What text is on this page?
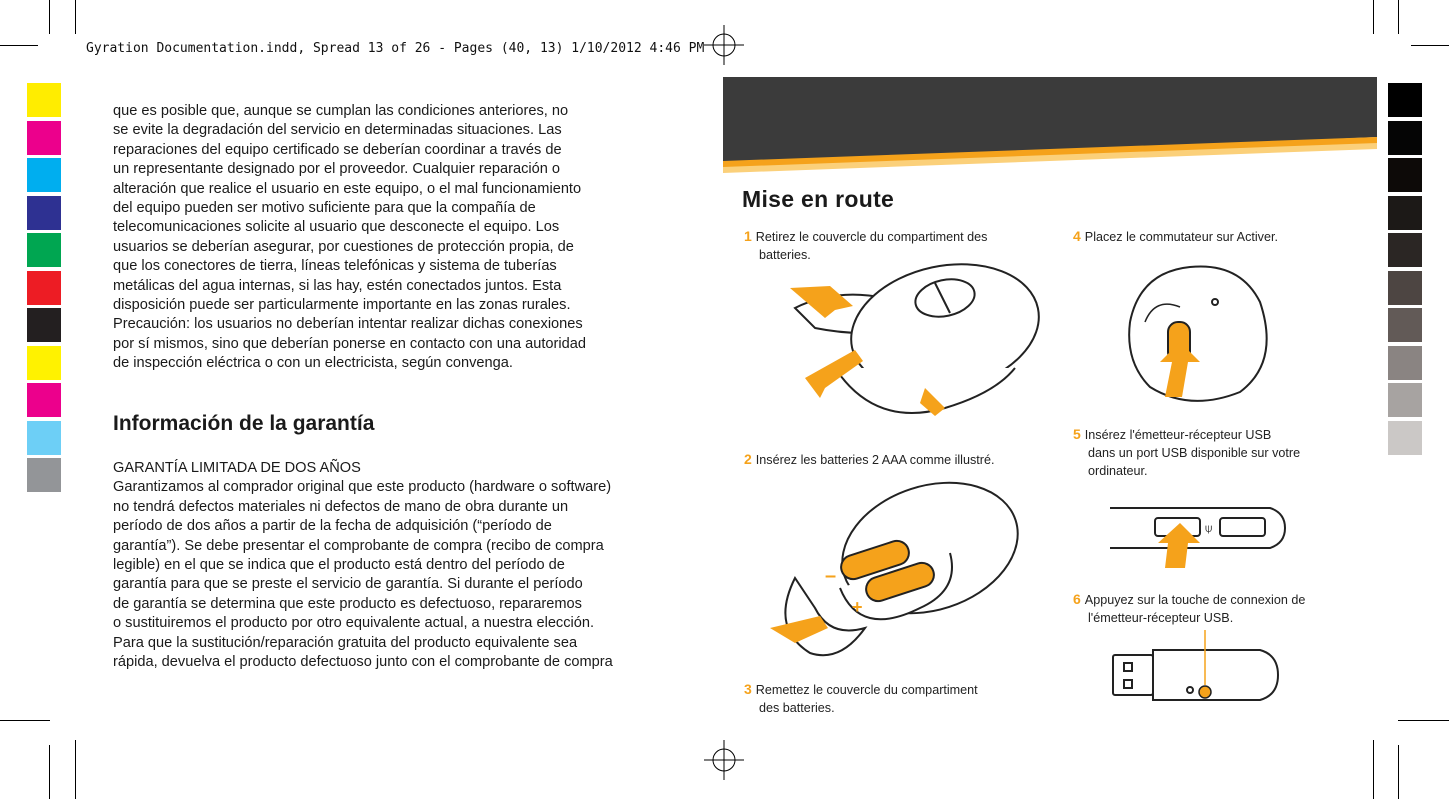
Gyration Documentation.indd, Spread 13 of 26 - Pages (40, 13) 1/10/2012 4:46 PM

que es posible que, aunque se cumplan las condiciones anteriores, no

se evite la degradación del servicio en determinadas situaciones. Las

reparaciones del equipo certificado se deberían coordinar a través de

un representante designado por el proveedor. Cualquier reparación o

alteración que realice el usuario en este equipo, o el mal funcionamiento

del equipo pueden ser motivo suficiente para que la compañía de

telecomunicaciones solicite al usuario que desconecte el equipo. Los

usuarios se deberían asegurar, por cuestiones de protección propia, de

que los conectores de tierra, líneas telefónicas y sistema de tuberías

metálicas del agua internas, si las hay, estén conectados juntos. Esta

disposición puede ser particularmente importante en las zonas rurales.

Precaución: los usuarios no deberían intentar realizar dichas conexiones

por sí mismos, sino que deberían ponerse en contacto con una autoridad

de inspección eléctrica o con un electricista, según convenga.

Información de la garantía

GARANTÍA LIMITADA DE DOS AÑOS

Garantizamos al comprador original que este producto (hardware o software)

no tendrá defectos materiales ni defectos de mano de obra durante un

período de dos años a partir de la fecha de adquisición (“período de

garantía”). Se debe presentar el comprobante de compra (recibo de compra

legible) en el que se indica que el producto está dentro del período de

garantía para que se preste el servicio de garantía. Si durante el período

de garantía se determina que este producto es defectuoso, repararemos

o sustituiremos el producto por otro equivalente actual, a nuestra elección.

Para que la sustitución/reparación gratuita del producto equivalente sea

rápida, devuelva el producto defectuoso junto con el comprobante de compra

Mise en route
1 Retirez le couvercle du compartiment des
batteries.
2 Insérez les batteries 2 AAA comme illustré.
3 Remettez le couvercle du compartiment
des batteries.
4 Placez le commutateur sur Activer.
5 Insérez l'émetteur-récepteur USB
dans un port USB disponible sur votre
ordinateur.
6 Appuyez sur la touche de connexion de
l'émetteur-récepteur USB.
–
+
⍦
